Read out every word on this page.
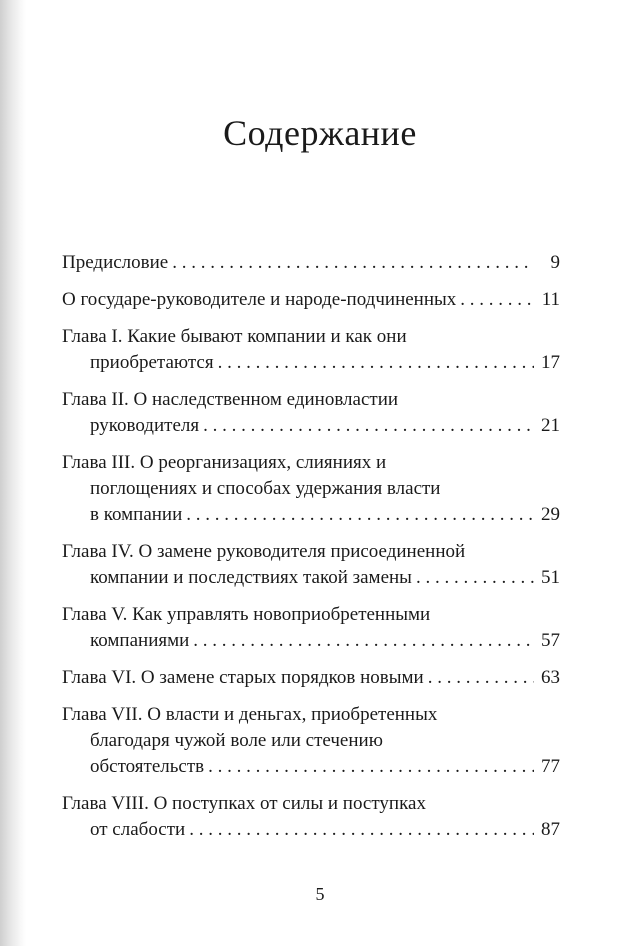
Содержание
Предисловие . . .	9
О государе-руководителе и народе-подчиненных . . .	11
Глава I. Какие бывают компании и как они
приобретаются . . .	17
Глава II. О наследственном единовластии
руководителя . . .	21
Глава III. О реорганизациях, слияниях и
поглощениях и способах удержания власти
в компании . . .	29
Глава IV. О замене руководителя присоединенной
компании и последствиях такой замены . . .	51
Глава V. Как управлять новоприобретенными
компаниями . . .	57
Глава VI. О замене старых порядков новыми . . .	63
Глава VII. О власти и деньгах, приобретенных
благодаря чужой воле или стечению
обстоятельств . . .	77
Глава VIII. О поступках от силы и поступках
от слабости . . .	87
5
